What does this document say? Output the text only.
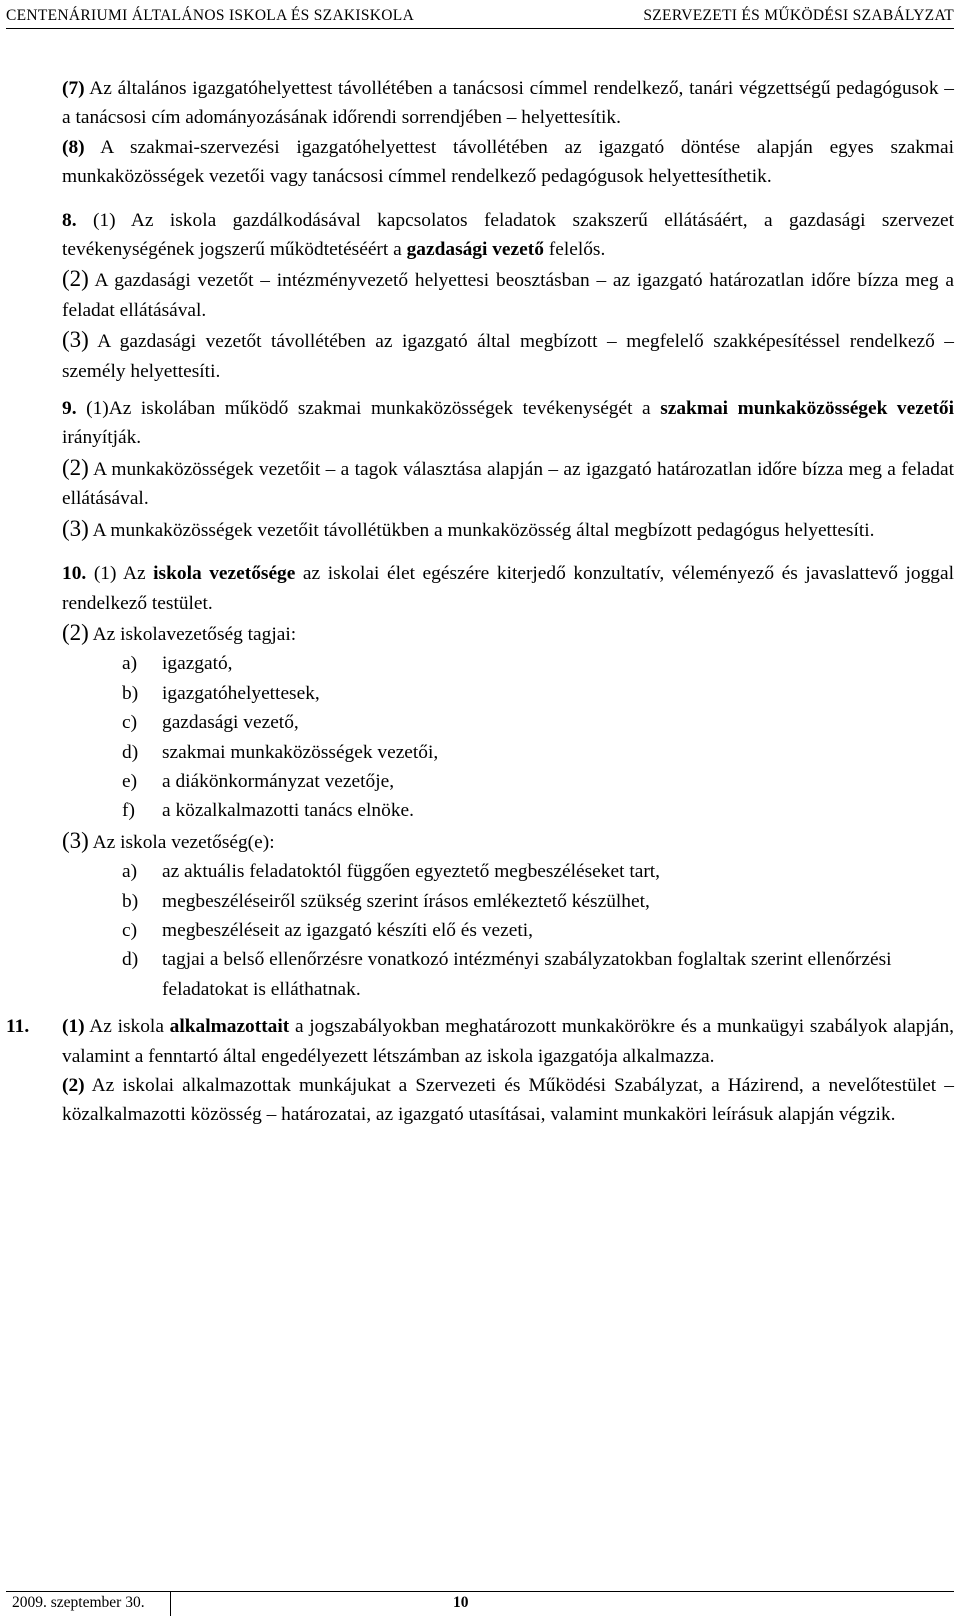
CENTENÁRIUMI ÁLTALÁNOS ISKOLA ÉS SZAKISKOLA	SZERVEZETI ÉS MŰKÖDÉSI SZABÁLYZAT

(7) Az általános igazgatóhelyettest távollétében a tanácsosi címmel rendelkező, tanári végzettségű pedagógusok – a tanácsosi cím adományozásának időrendi sorrendjében – helyettesítik.

(8) A szakmai-szervezési igazgatóhelyettest távollétében az igazgató döntése alapján egyes szakmai munkaközösségek vezetői vagy tanácsosi címmel rendelkező pedagógusok helyettesíthetik.

8. (1) Az iskola gazdálkodásával kapcsolatos feladatok szakszerű ellátásáért, a gazdasági szervezet tevékenységének jogszerű működtetéséért a gazdasági vezető felelős.

(2) A gazdasági vezetőt – intézményvezető helyettesi beosztásban – az igazgató határozatlan időre bízza meg a feladat ellátásával.

(3) A gazdasági vezetőt távollétében az igazgató által megbízott – megfelelő szakképesítéssel rendelkező – személy helyettesíti.

9. (1)Az iskolában működő szakmai munkaközösségek tevékenységét a szakmai munkaközösségek vezetői irányítják.

(2) A munkaközösségek vezetőit – a tagok választása alapján – az igazgató határozatlan időre bízza meg a feladat ellátásával.

(3) A munkaközösségek vezetőit távollétükben a munkaközösség által megbízott pedagógus helyettesíti.

10. (1) Az iskola vezetősége az iskolai élet egészére kiterjedő konzultatív, véleményező és javaslattevő joggal rendelkező testület.

(2) Az iskolavezetőség tagjai:

a)	igazgató,
b)	igazgatóhelyettesek,
c)	gazdasági vezető,
d)	szakmai munkaközösségek vezetői,
e)	a diákönkormányzat vezetője,
f)	a közalkalmazotti tanács elnöke.

(3) Az iskola vezetőség(e):

a)	az aktuális feladatoktól függően egyeztető megbeszéléseket tart,
b)	megbeszéléseiről szükség szerint írásos emlékeztető készülhet,
c)	megbeszéléseit az igazgató készíti elő és vezeti,
d)	tagjai a belső ellenőrzésre vonatkozó intézményi szabályzatokban foglaltak szerint ellenőrzési feladatokat is elláthatnak.
11. (1) Az iskola alkalmazottait a jogszabályokban meghatározott munkakörökre és a munkaügyi szabályok alapján, valamint a fenntartó által engedélyezett létszámban az iskola igazgatója alkalmazza.

(2) Az iskolai alkalmazottak munkájukat a Szervezeti és Működési Szabályzat, a Házirend, a nevelőtestület – közalkalmazotti közösség – határozatai, az igazgató utasításai, valamint munkaköri leírásuk alapján végzik.

2009. szeptember 30.	10
